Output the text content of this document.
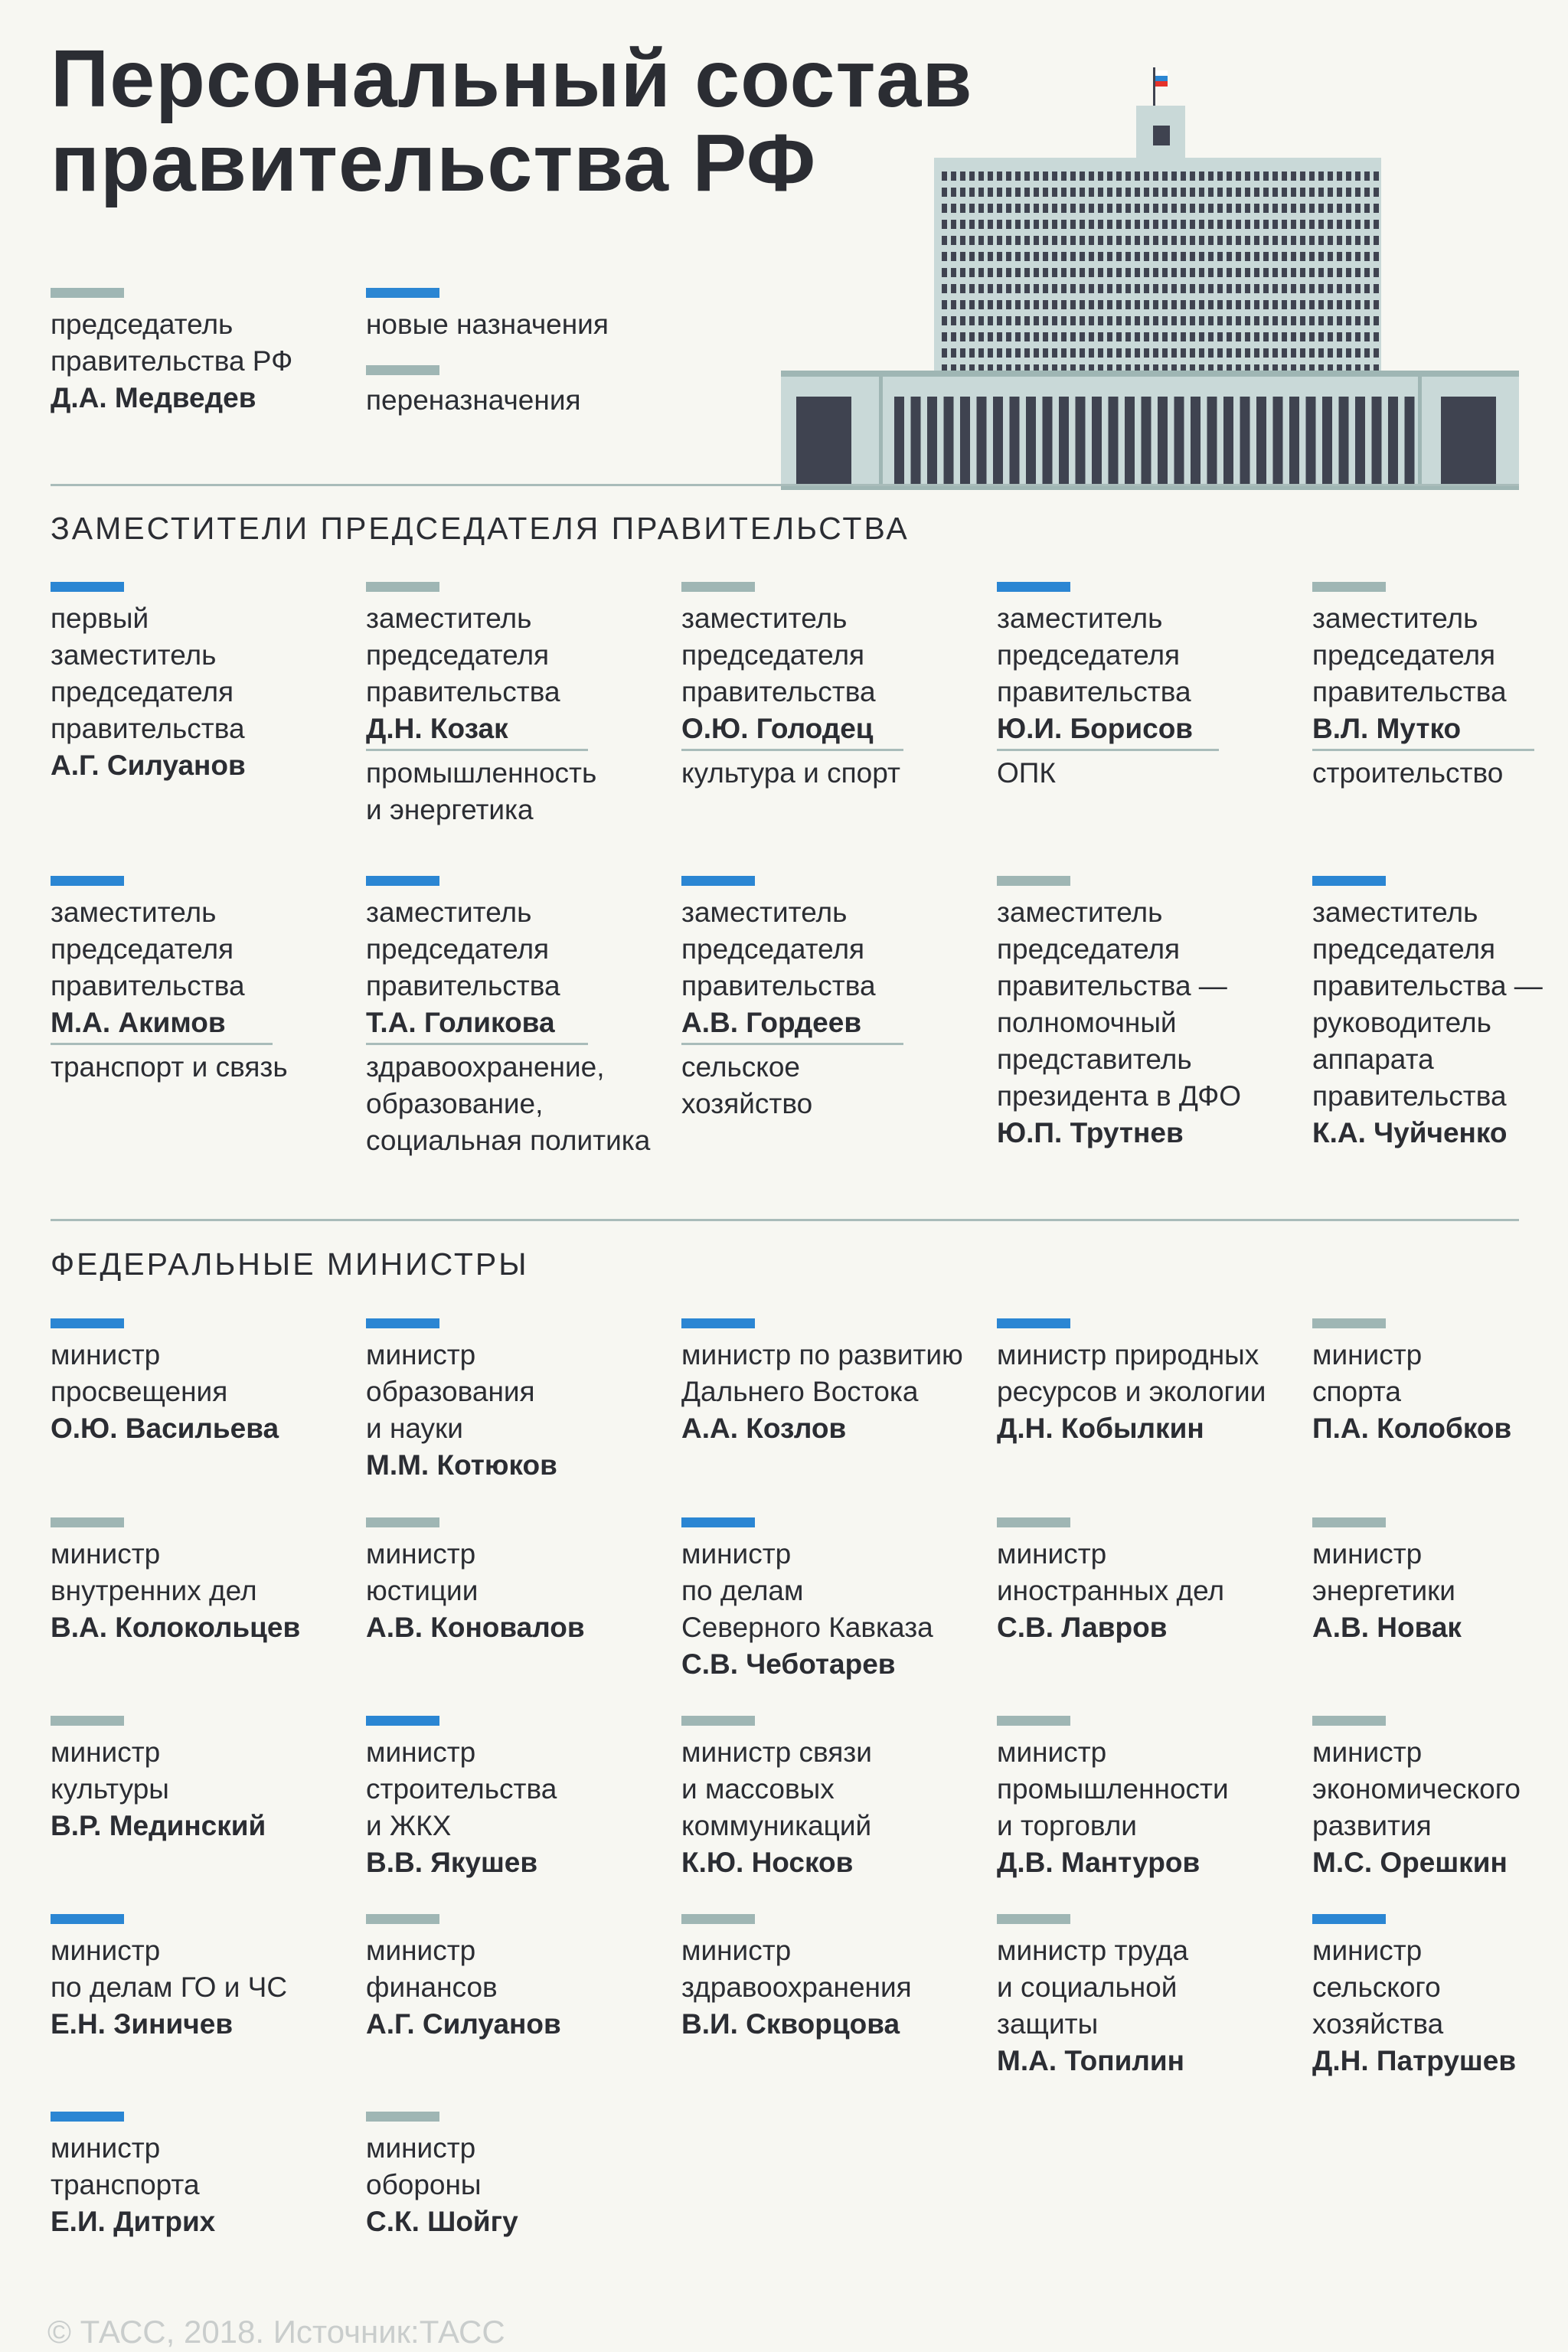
Персональный состав
правительства РФ
председатель
правительства РФ
Д.А. Медведев
новые назначения
переназначения
ЗАМЕСТИТЕЛИ ПРЕДСЕДАТЕЛЯ ПРАВИТЕЛЬСТВА
первый
заместитель
председателя
правительства
А.Г. Силуанов
заместитель
председателя
правительства
Д.Н. Козак
промышленность
и энергетика
заместитель
председателя
правительства
О.Ю. Голодец
культура и спорт
заместитель
председателя
правительства
Ю.И. Борисов
ОПК
заместитель
председателя
правительства
В.Л. Мутко
строительство
заместитель
председателя
правительства
М.А. Акимов
транспорт и связь
заместитель
председателя
правительства
Т.А. Голикова
здравоохранение,
образование,
социальная политика
заместитель
председателя
правительства
А.В. Гордеев
сельское
хозяйство
заместитель
председателя
правительства —
полномочный
представитель
президента в ДФО
Ю.П. Трутнев
заместитель
председателя
правительства —
руководитель
аппарата
правительства
К.А. Чуйченко
ФЕДЕРАЛЬНЫЕ МИНИСТРЫ
министр
просвещения
О.Ю. Васильева
министр
образования
и науки
М.М. Котюков
министр по развитию
Дальнего Востока
А.А. Козлов
министр природных
ресурсов и экологии
Д.Н. Кобылкин
министр
спорта
П.А. Колобков
министр
внутренних дел
В.А. Колокольцев
министр
юстиции
А.В. Коновалов
министр
по делам
Северного Кавказа
С.В. Чеботарев
министр
иностранных дел
С.В. Лавров
министр
энергетики
А.В. Новак
министр
культуры
В.Р. Мединский
министр
строительства
и ЖКХ
В.В. Якушев
министр связи
и массовых
коммуникаций
К.Ю. Носков
министр
промышленности
и торговли
Д.В. Мантуров
министр
экономического
развития
М.С. Орешкин
министр
по делам ГО и ЧС
Е.Н. Зиничев
министр
финансов
А.Г. Силуанов
министр
здравоохранения
В.И. Скворцова
министр труда
и социальной
защиты
М.А. Топилин
министр
сельского
хозяйства
Д.Н. Патрушев
министр
транспорта
Е.И. Дитрих
министр
обороны
С.К. Шойгу
© ТАСС, 2018. Источник:ТАСС
